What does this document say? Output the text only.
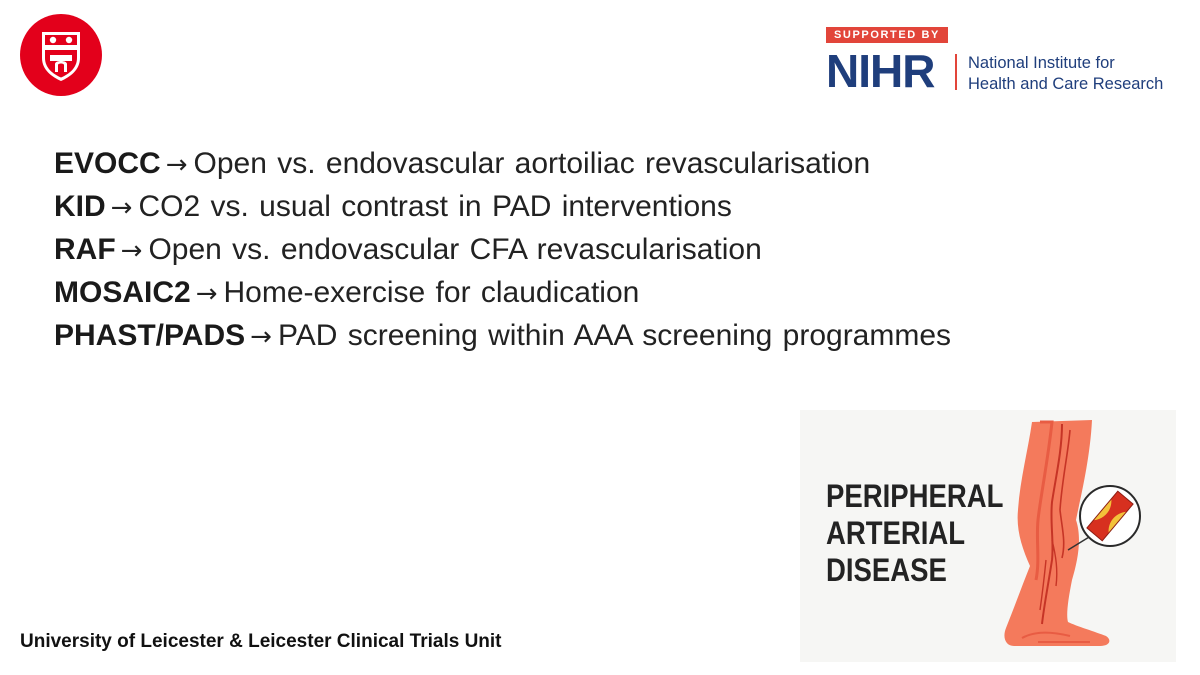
SUPPORTED BY
NIHR National Institute for
Health and Care Research
EVOCC → Open vs. endovascular aortoiliac revascularisation
KID → CO2 vs. usual contrast in PAD interventions
RAF → Open vs. endovascular CFA revascularisation
MOSAIC2 → Home-exercise for claudication
PHAST/PADS → PAD screening within AAA screening programmes
University of Leicester & Leicester Clinical Trials Unit
PERIPHERAL
ARTERIAL
DISEASE
